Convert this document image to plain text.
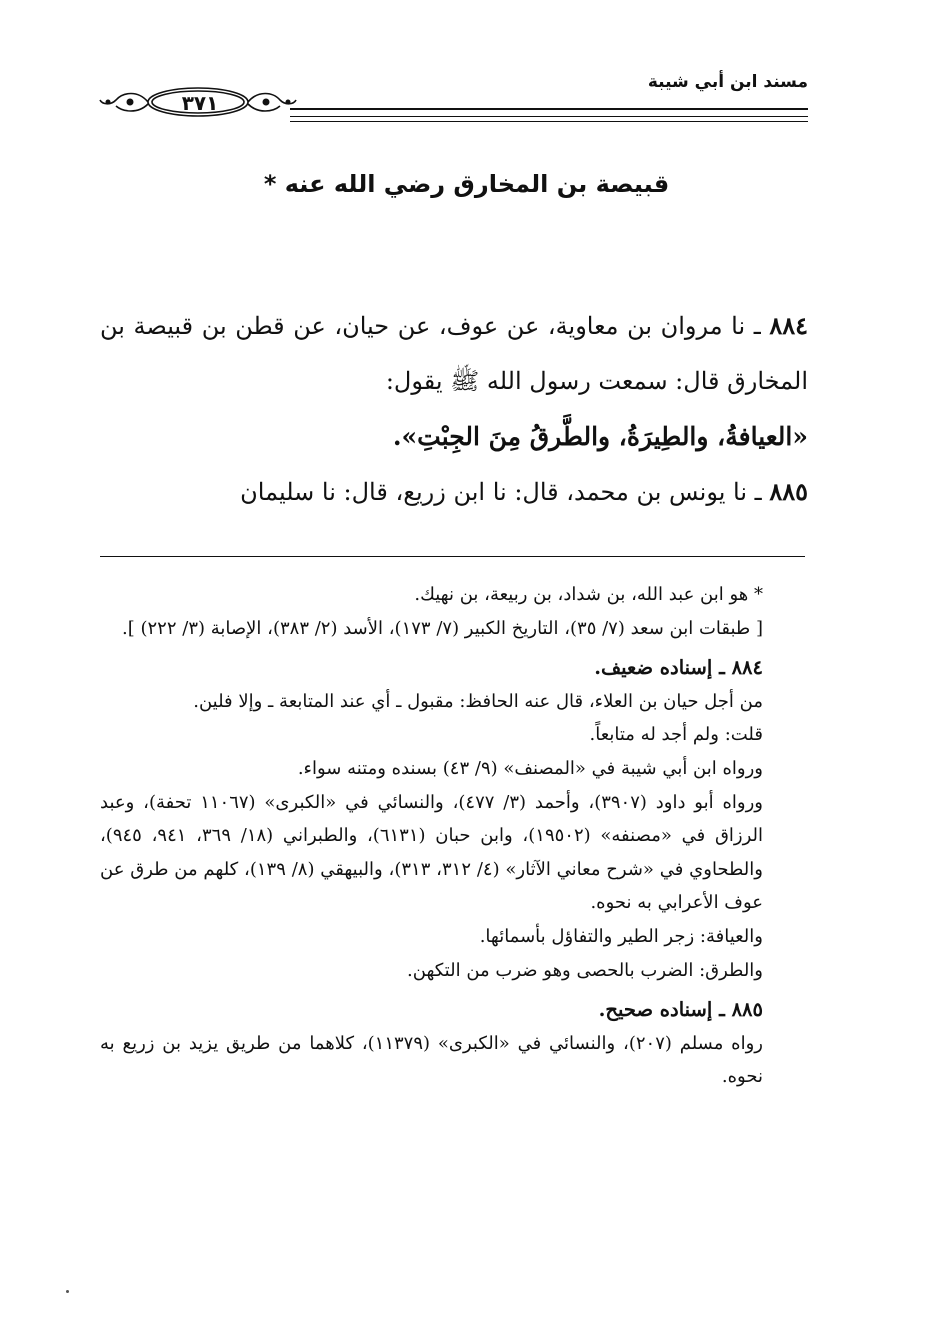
مسند ابن أبي شيبة
٣٧١
قبيصة بن المخارق رضي الله عنه *

٨٨٤ ـ نا مروان بن معاوية، عن عوف، عن حيان، عن قطن بن قبيصة بن المخارق قال: سمعت رسول الله ﷺ يقول:

«العيافةُ، والطِيرَةُ، والطَّرقُ مِنَ الجِبْتِ».

٨٨٥ ـ نا يونس بن محمد، قال: نا ابن زريع، قال: نا سليمان

* هو ابن عبد الله، بن شداد، بن ربيعة، بن نهيك.

[ طبقات ابن سعد (٧/ ٣٥)، التاريخ الكبير (٧/ ١٧٣)، الأسد (٢/ ٣٨٣)، الإصابة (٣/ ٢٢٢) ].

٨٨٤ ـ إسناده ضعيف.

من أجل حيان بن العلاء، قال عنه الحافظ: مقبول ـ أي عند المتابعة ـ وإلا فلين.

قلت: ولم أجد له متابعاً.

ورواه ابن أبي شيبة في «المصنف» (٩/ ٤٣) بسنده ومتنه سواء.

ورواه أبو داود (٣٩٠٧)، وأحمد (٣/ ٤٧٧)، والنسائي في «الكبرى» (١١٠٦٧ تحفة)، وعبد الرزاق في «مصنفه» (١٩٥٠٢)، وابن حبان (٦١٣١)، والطبراني (١٨/ ٣٦٩، ٩٤١، ٩٤٥)، والطحاوي في «شرح معاني الآثار» (٤/ ٣١٢، ٣١٣)، والبيهقي (٨/ ١٣٩)، كلهم من طرق عن عوف الأعرابي به نحوه.

والعيافة: زجر الطير والتفاؤل بأسمائها.

والطرق: الضرب بالحصى وهو ضرب من التكهن.

٨٨٥ ـ إسناده صحيح.

رواه مسلم (٢٠٧)، والنسائي في «الكبرى» (١١٣٧٩)، كلاهما من طريق يزيد بن زريع به نحوه.
